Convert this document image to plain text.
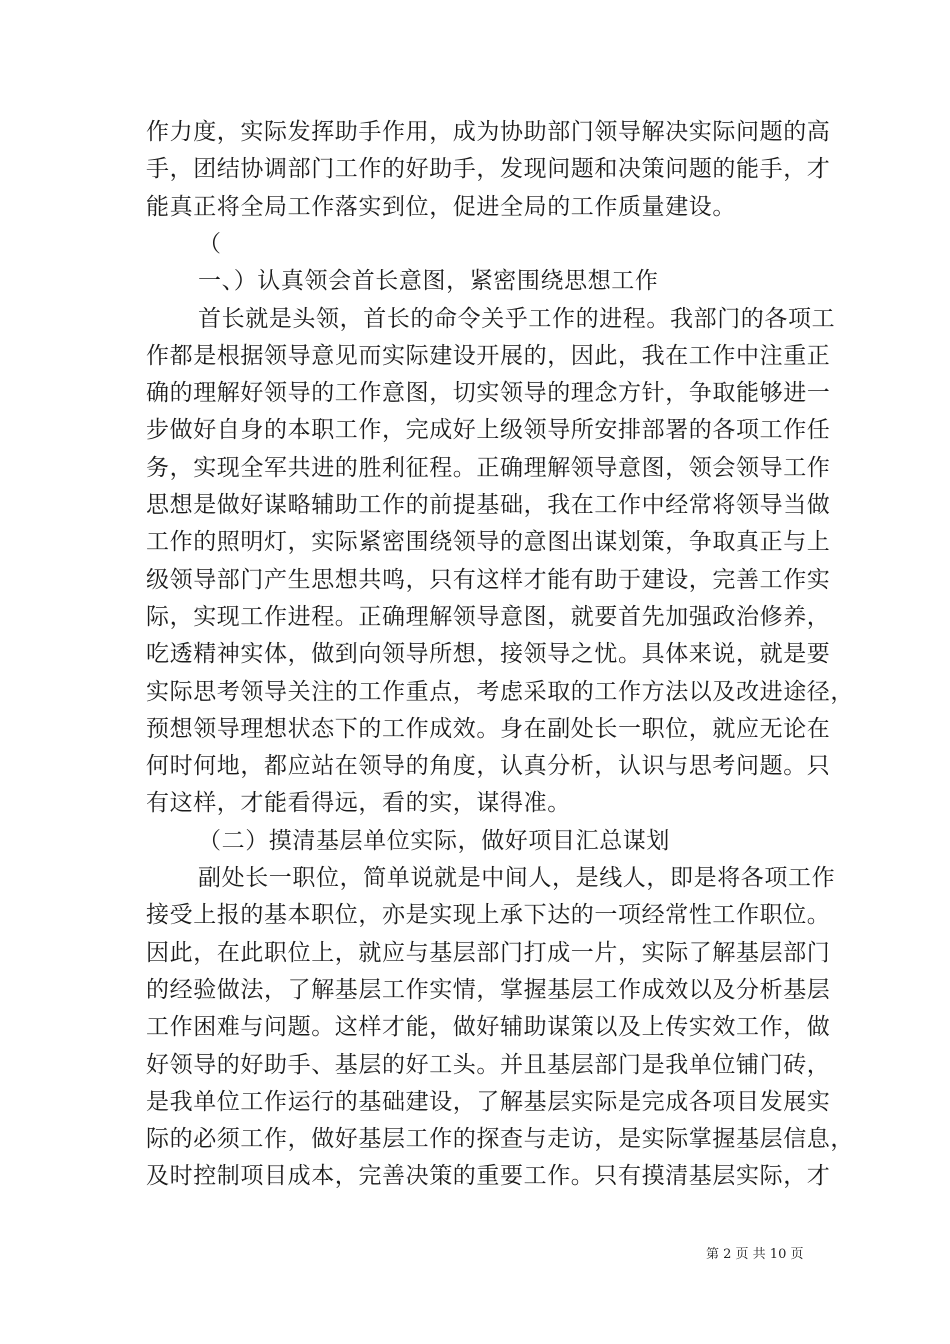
作力度，实际发挥助手作用，成为协助部门领导解决实际问题的高
手，团结协调部门工作的好助手，发现问题和决策问题的能手，才
能真正将全局工作落实到位，促进全局的工作质量建设。
（
一、）认真领会首长意图，紧密围绕思想工作
首长就是头领，首长的命令关乎工作的进程。我部门的各项工
作都是根据领导意见而实际建设开展的，因此，我在工作中注重正
确的理解好领导的工作意图，切实领导的理念方针，争取能够进一
步做好自身的本职工作，完成好上级领导所安排部署的各项工作任
务，实现全军共进的胜利征程。正确理解领导意图，领会领导工作
思想是做好谋略辅助工作的前提基础，我在工作中经常将领导当做
工作的照明灯，实际紧密围绕领导的意图出谋划策，争取真正与上
级领导部门产生思想共鸣，只有这样才能有助于建设，完善工作实
际，实现工作进程。正确理解领导意图，就要首先加强政治修养，
吃透精神实体，做到向领导所想，接领导之忧。具体来说，就是要
实际思考领导关注的工作重点，考虑采取的工作方法以及改进途径，
预想领导理想状态下的工作成效。身在副处长一职位，就应无论在
何时何地，都应站在领导的角度，认真分析，认识与思考问题。只
有这样，才能看得远，看的实，谋得准。
（二）摸清基层单位实际，做好项目汇总谋划
副处长一职位，简单说就是中间人，是线人，即是将各项工作
接受上报的基本职位，亦是实现上承下达的一项经常性工作职位。
因此，在此职位上，就应与基层部门打成一片，实际了解基层部门
的经验做法，了解基层工作实情，掌握基层工作成效以及分析基层
工作困难与问题。这样才能，做好辅助谋策以及上传实效工作，做
好领导的好助手、基层的好工头。并且基层部门是我单位铺门砖，
是我单位工作运行的基础建设，了解基层实际是完成各项目发展实
际的必须工作，做好基层工作的探查与走访，是实际掌握基层信息，
及时控制项目成本，完善决策的重要工作。只有摸清基层实际，才
第 2 页 共 10 页
